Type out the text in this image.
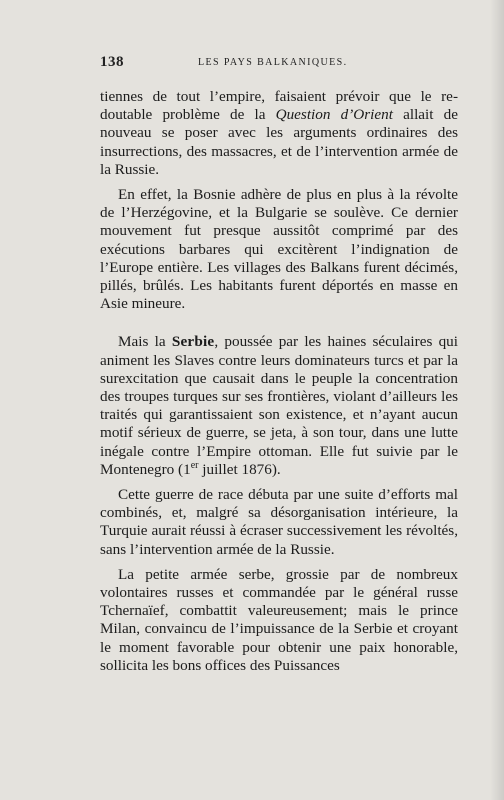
138	LES PAYS BALKANIQUES.

tiennes de tout l’empire, faisaient prévoir que le redoutable problème de la Question d’Orient allait de nouveau se poser avec les arguments ordinaires des insurrections, des massacres, et de l’intervention armée de la Russie.

En effet, la Bosnie adhère de plus en plus à la révolte de l’Herzégovine, et la Bulgarie se soulève. Ce dernier mouvement fut presque aussitôt comprimé par des exécutions barbares qui excitèrent l’indignation de l’Europe entière. Les villages des Balkans furent décimés, pillés, brûlés. Les habitants furent déportés en masse en Asie mineure.

Mais la Serbie, poussée par les haines séculaires qui animent les Slaves contre leurs dominateurs turcs et par la surexcitation que causait dans le peuple la concentration des troupes turques sur ses frontières, violant d’ailleurs les traités qui garantissaient son existence, et n’ayant aucun motif sérieux de guerre, se jeta, à son tour, dans une lutte inégale contre l’Empire ottoman. Elle fut suivie par le Montenegro (1er juillet 1876).

Cette guerre de race débuta par une suite d’efforts mal combinés, et, malgré sa désorganisation intérieure, la Turquie aurait réussi à écraser successivement les révoltés, sans l’intervention armée de la Russie.

La petite armée serbe, grossie par de nombreux volontaires russes et commandée par le général russe Tchernaïef, combattit valeureusement; mais le prince Milan, convaincu de l’impuissance de la Serbie et croyant le moment favorable pour obtenir une paix honorable, sollicita les bons offices des Puissances
